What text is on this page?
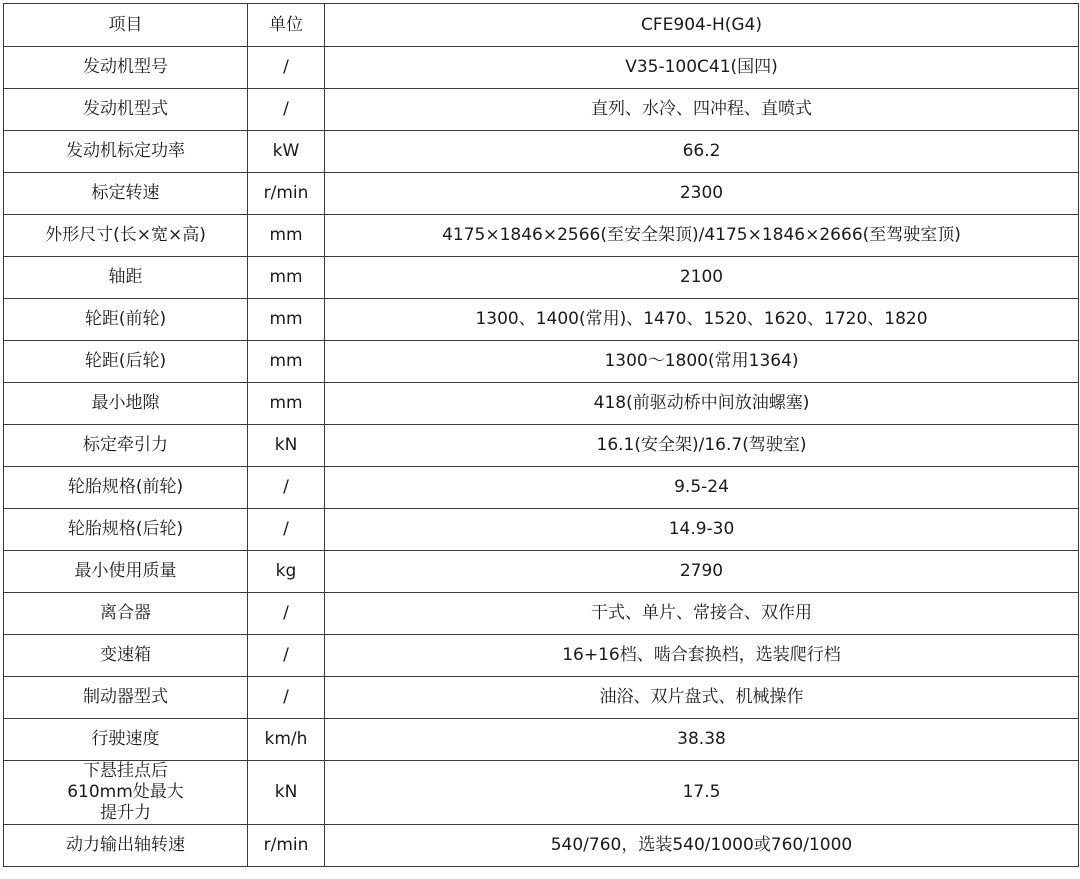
项目	单位	CFE904-H(G4)
发动机型号	/	V35-100C41(国四)
发动机型式	/	直列、水冷、四冲程、直喷式
发动机标定功率	kW	66.2
标定转速	r/min	2300
外形尺寸(长×宽×高)	mm	4175×1846×2566(至安全架顶)/4175×1846×2666(至驾驶室顶)
轴距	mm	2100
轮距(前轮)	mm	1300、1400(常用)、1470、1520、1620、1720、1820
轮距(后轮)	mm	1300～1800(常用1364)
最小地隙	mm	418(前驱动桥中间放油螺塞)
标定牵引力	kN	16.1(安全架)/16.7(驾驶室)
轮胎规格(前轮)	/	9.5-24
轮胎规格(后轮)	/	14.9-30
最小使用质量	kg	2790
离合器	/	干式、单片、常接合、双作用
变速箱	/	16+16档、啮合套换档，选装爬行档
制动器型式	/	油浴、双片盘式、机械操作
行驶速度	km/h	38.38
下悬挂点后610mm处最大提升力	kN	17.5
动力输出轴转速	r/min	540/760，选装540/1000或760/1000
